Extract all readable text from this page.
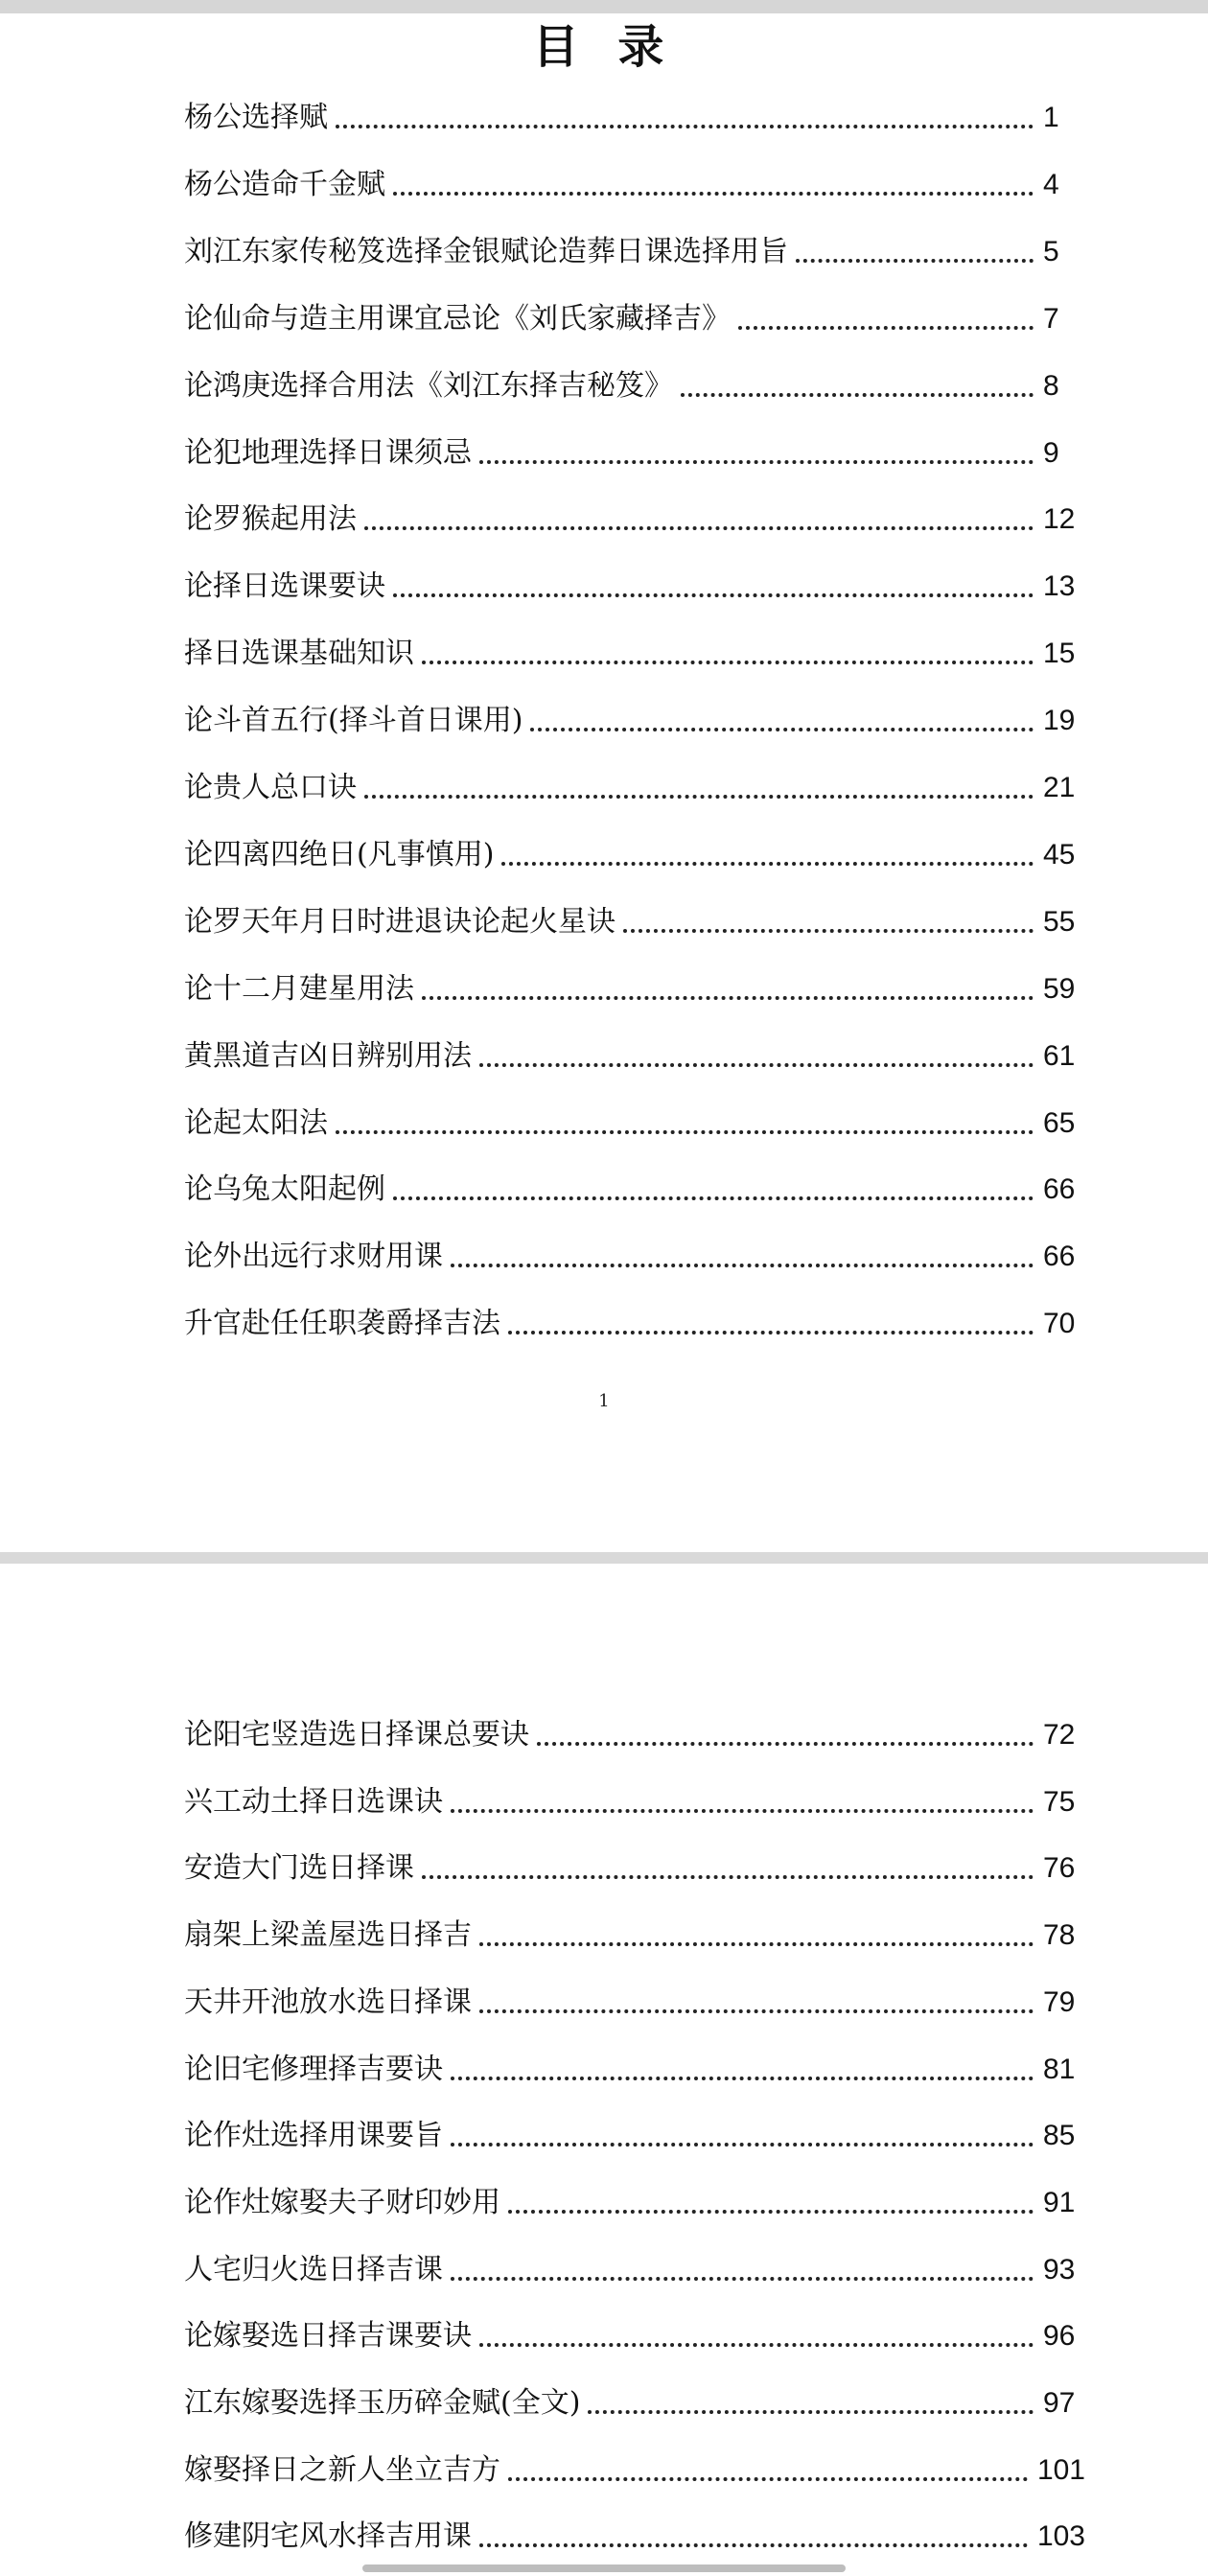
目 录
杨公选择赋	1
杨公造命千金赋	4
刘江东家传秘笈选择金银赋论造葬日课选择用旨	5
论仙命与造主用课宜忌论《刘氏家藏择吉》	7
论鸿庚选择合用法《刘江东择吉秘笈》	8
论犯地理选择日课须忌	9
论罗猴起用法	12
论择日选课要诀	13
择日选课基础知识	15
论斗首五行(择斗首日课用)	19
论贵人总口诀	21
论四离四绝日(凡事慎用)	45
论罗天年月日时进退诀论起火星诀	55
论十二月建星用法	59
黄黑道吉凶日辨别用法	61
论起太阳法	65
论乌兔太阳起例	66
论外出远行求财用课	66
升官赴任任职袭爵择吉法	70
1
论阳宅竖造选日择课总要诀	72
兴工动土择日选课诀	75
安造大门选日择课	76
扇架上梁盖屋选日择吉	78
天井开池放水选日择课	79
论旧宅修理择吉要诀	81
论作灶选择用课要旨	85
论作灶嫁娶夫子财印妙用	91
人宅归火选日择吉课	93
论嫁娶选日择吉课要诀	96
江东嫁娶选择玉历碎金赋(全文)	97
嫁娶择日之新人坐立吉方	101
修建阴宅风水择吉用课	103
